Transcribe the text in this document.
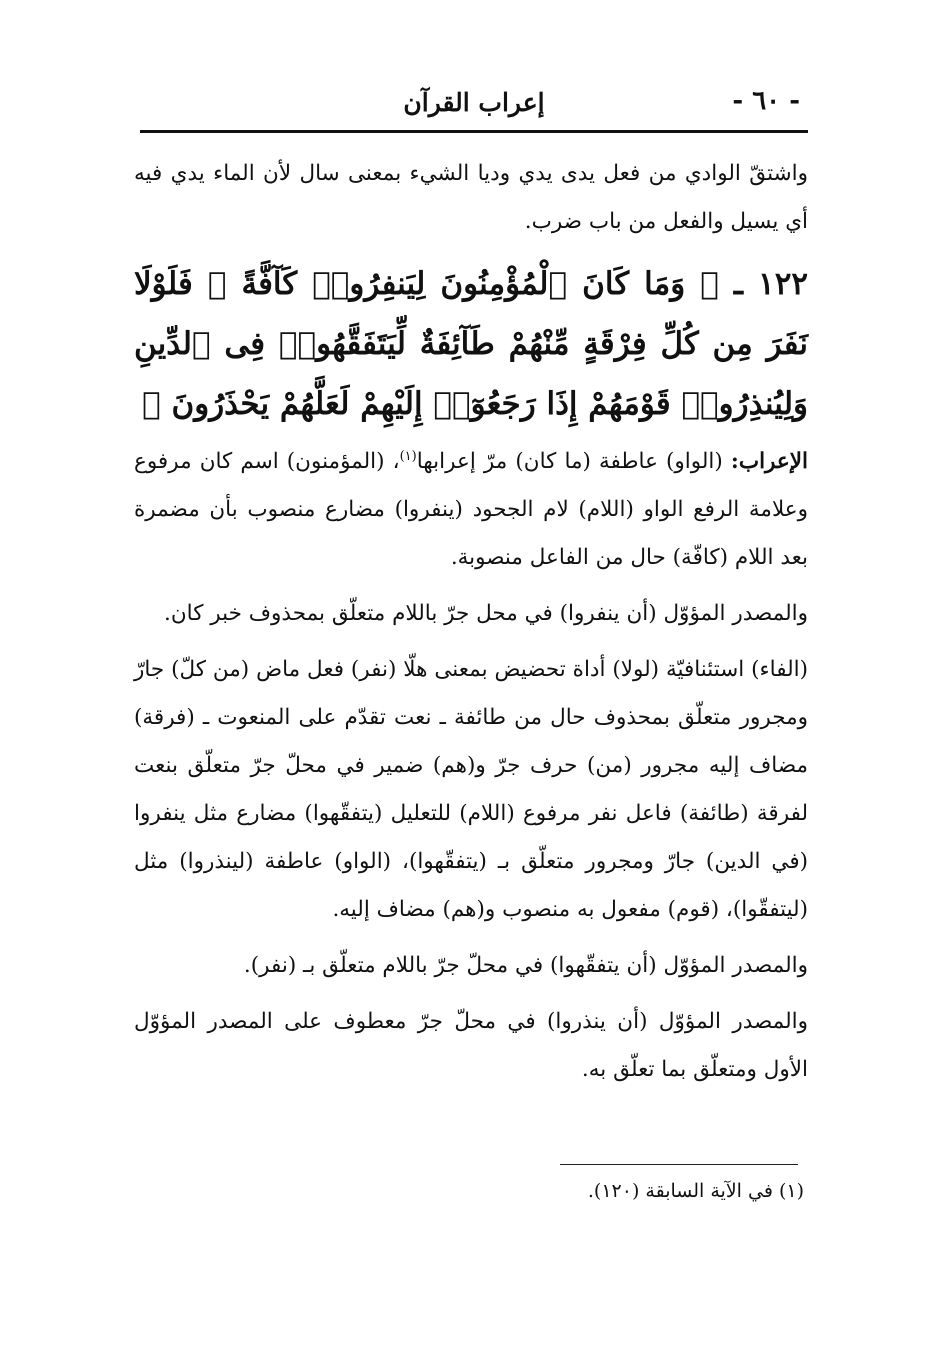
إعراب القرآن	- ٦٠ -

واشتقّ الوادي من فعل يدى يدي وديا الشيء بمعنى سال لأن الماء يدي فيه أي يسيل والفعل من باب ضرب.

١٢٢ ـ ﴿ وَمَا كَانَ ٱلْمُؤْمِنُونَ لِيَنفِرُوا۟ كَآفَّةً ۚ فَلَوْلَا نَفَرَ مِن كُلِّ فِرْقَةٍ مِّنْهُمْ طَآئِفَةٌ لِّيَتَفَقَّهُوا۟ فِى ٱلدِّينِ وَلِيُنذِرُوا۟ قَوْمَهُمْ إِذَا رَجَعُوٓا۟ إِلَيْهِمْ لَعَلَّهُمْ يَحْذَرُونَ ﴾

الإعراب: (الواو) عاطفة (ما كان) مرّ إعرابها$^{(١)}$، (المؤمنون) اسم كان مرفوع وعلامة الرفع الواو (اللام) لام الجحود (ينفروا) مضارع منصوب بأن مضمرة بعد اللام (كافّة) حال من الفاعل منصوبة.

والمصدر المؤوّل (أن ينفروا) في محل جرّ باللام متعلّق بمحذوف خبر كان.

(الفاء) استئنافيّة (لولا) أداة تحضيض بمعنى هلّا (نفر) فعل ماض (من كلّ) جارّ ومجرور متعلّق بمحذوف حال من طائفة ـ نعت تقدّم على المنعوت ـ (فرقة) مضاف إليه مجرور (من) حرف جرّ و(هم) ضمير في محلّ جرّ متعلّق بنعت لفرقة (طائفة) فاعل نفر مرفوع (اللام) للتعليل (يتفقّهوا) مضارع مثل ينفروا (في الدين) جارّ ومجرور متعلّق بـ (يتفقّهوا)، (الواو) عاطفة (لينذروا) مثل (ليتفقّوا)، (قوم) مفعول به منصوب و(هم) مضاف إليه.

والمصدر المؤوّل (أن يتفقّهوا) في محلّ جرّ باللام متعلّق بـ (نفر).

والمصدر المؤوّل (أن ينذروا) في محلّ جرّ معطوف على المصدر المؤوّل الأول ومتعلّق بما تعلّق به.

(١) في الآية السابقة (١٢٠).
